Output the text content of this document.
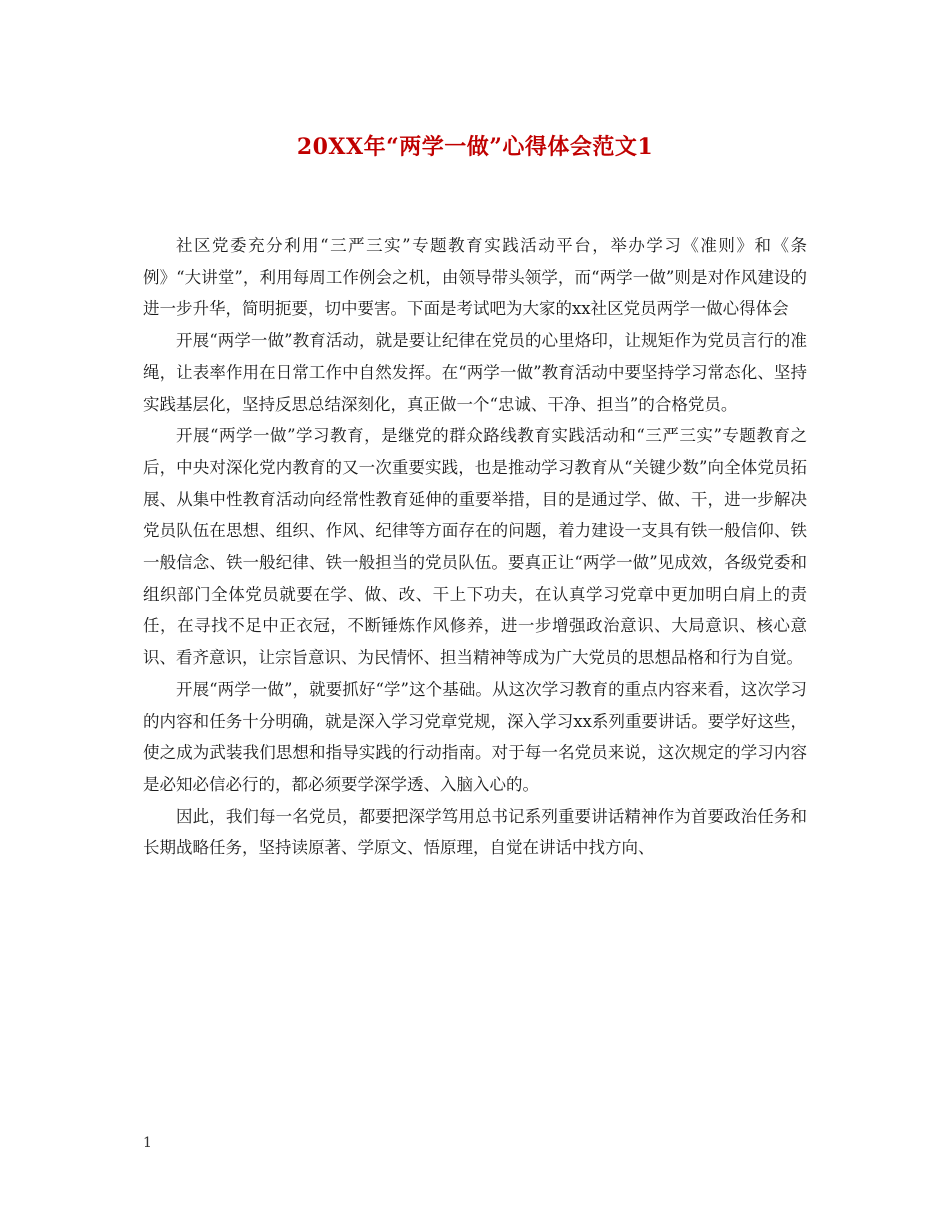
20XX年“两学一做”心得体会范文1

社区党委充分利用“三严三实”专题教育实践活动平台，举办学习《准则》和《条例》“大讲堂”，利用每周工作例会之机，由领导带头领学，而“两学一做”则是对作风建设的进一步升华，简明扼要，切中要害。下面是考试吧为大家的xx社区党员两学一做心得体会

开展“两学一做”教育活动，就是要让纪律在党员的心里烙印，让规矩作为党员言行的准绳，让表率作用在日常工作中自然发挥。在“两学一做”教育活动中要坚持学习常态化、坚持实践基层化，坚持反思总结深刻化，真正做一个“忠诚、干净、担当”的合格党员。

开展“两学一做”学习教育，是继党的群众路线教育实践活动和“三严三实”专题教育之后，中央对深化党内教育的又一次重要实践，也是推动学习教育从“关键少数”向全体党员拓展、从集中性教育活动向经常性教育延伸的重要举措，目的是通过学、做、干，进一步解决党员队伍在思想、组织、作风、纪律等方面存在的问题，着力建设一支具有铁一般信仰、铁一般信念、铁一般纪律、铁一般担当的党员队伍。要真正让“两学一做”见成效，各级党委和组织部门全体党员就要在学、做、改、干上下功夫，在认真学习党章中更加明白肩上的责任，在寻找不足中正衣冠，不断锤炼作风修养，进一步增强政治意识、大局意识、核心意识、看齐意识，让宗旨意识、为民情怀、担当精神等成为广大党员的思想品格和行为自觉。

开展“两学一做”，就要抓好“学”这个基础。从这次学习教育的重点内容来看，这次学习的内容和任务十分明确，就是深入学习党章党规，深入学习xx系列重要讲话。要学好这些，使之成为武装我们思想和指导实践的行动指南。对于每一名党员来说，这次规定的学习内容是必知必信必行的，都必须要学深学透、入脑入心的。

因此，我们每一名党员，都要把深学笃用总书记系列重要讲话精神作为首要政治任务和长期战略任务，坚持读原著、学原文、悟原理，自觉在讲话中找方向、

1
